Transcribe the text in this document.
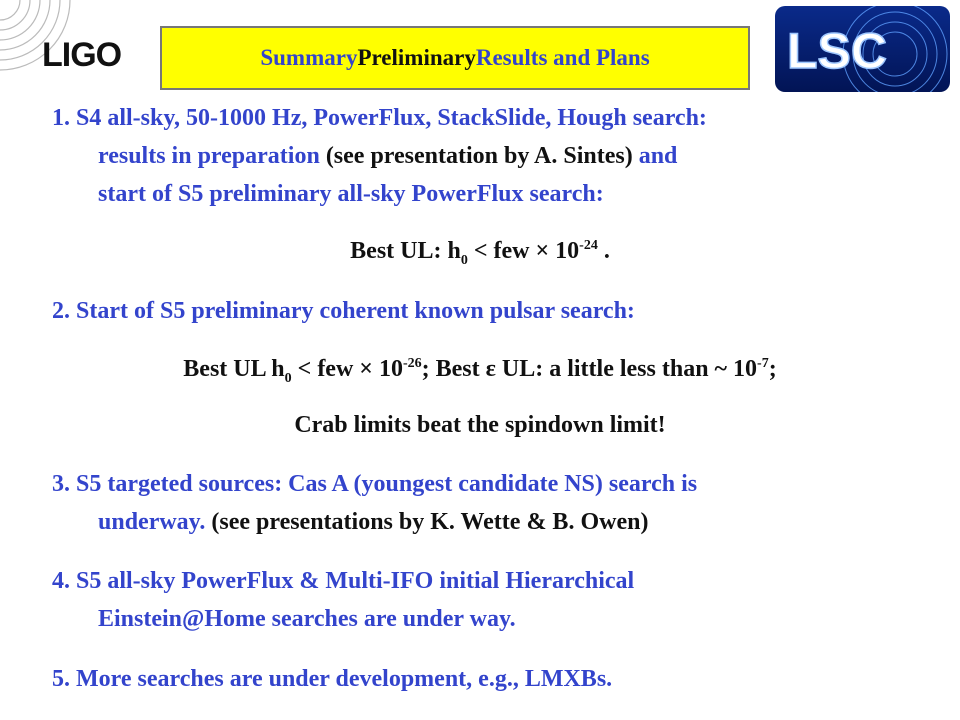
LIGO	Summary Preliminary Results and Plans	LSC
1. S4 all-sky, 50-1000 Hz, PowerFlux, StackSlide, Hough search:
results in preparation (see presentation by A. Sintes) and
start of S5 preliminary all-sky PowerFlux search:
Best UL: $h_0$ < few × $10^{-24}$ .
2. Start of S5 preliminary coherent known pulsar search:
Best UL $h_0$ < few × $10^{-26}$; Best ε UL: a little less than ~ $10^{-7}$;
Crab limits beat the spindown limit!
3. S5 targeted sources: Cas A (youngest candidate NS) search is
underway. (see presentations by K. Wette & B. Owen)
4. S5 all-sky PowerFlux & Multi-IFO initial Hierarchical
Einstein@Home searches are under way.
5. More searches are under development, e.g., LMXBs.
